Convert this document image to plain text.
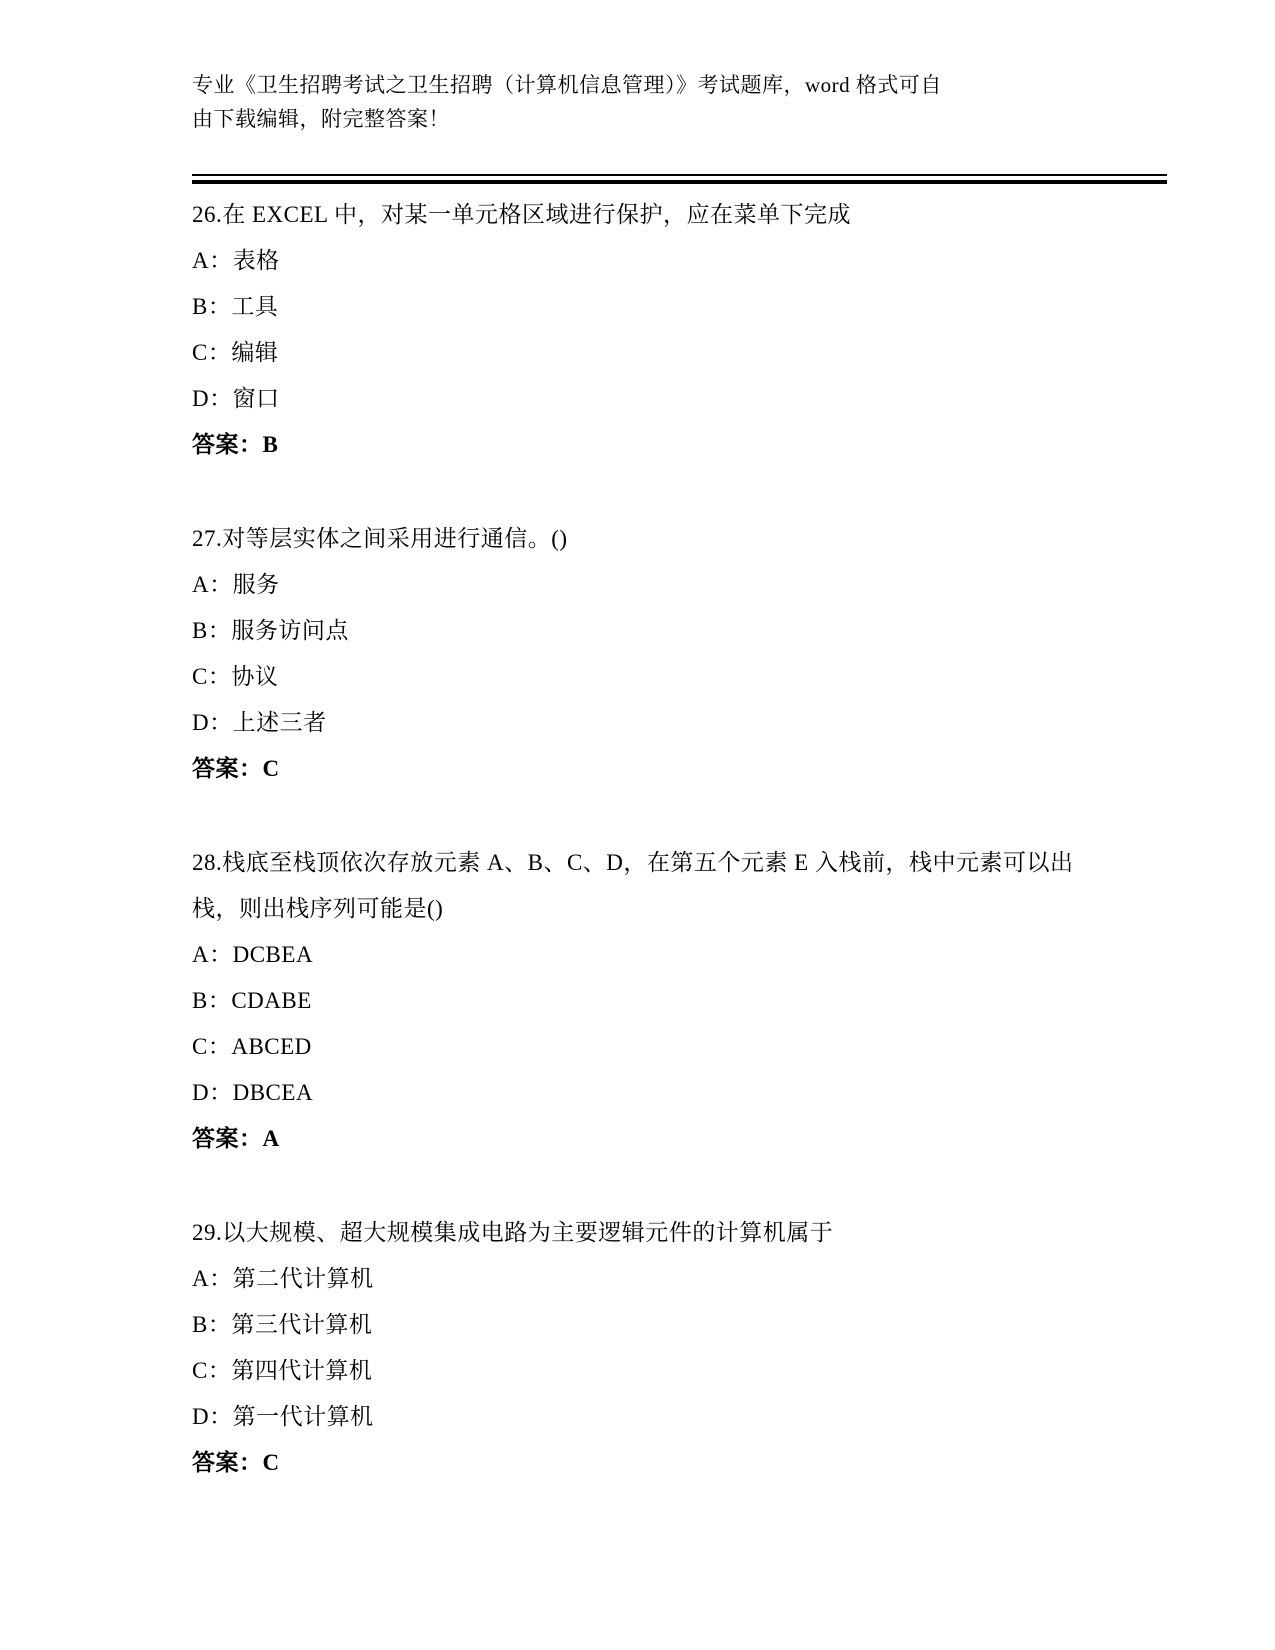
专业《卫生招聘考试之卫生招聘（计算机信息管理）》考试题库，word 格式可自
由下载编辑，附完整答案！

26.在 EXCEL 中，对某一单元格区域进行保护，应在菜单下完成

A：表格

B：工具

C：编辑

D：窗口

答案：B

27.对等层实体之间采用进行通信。()

A：服务

B：服务访问点

C：协议

D：上述三者

答案：C

28.栈底至栈顶依次存放元素 A、B、C、D，在第五个元素 E 入栈前，栈中元素可以出栈，则出栈序列可能是()

A：DCBEA

B：CDABE

C：ABCED

D：DBCEA

答案：A

29.以大规模、超大规模集成电路为主要逻辑元件的计算机属于

A：第二代计算机

B：第三代计算机

C：第四代计算机

D：第一代计算机

答案：C
